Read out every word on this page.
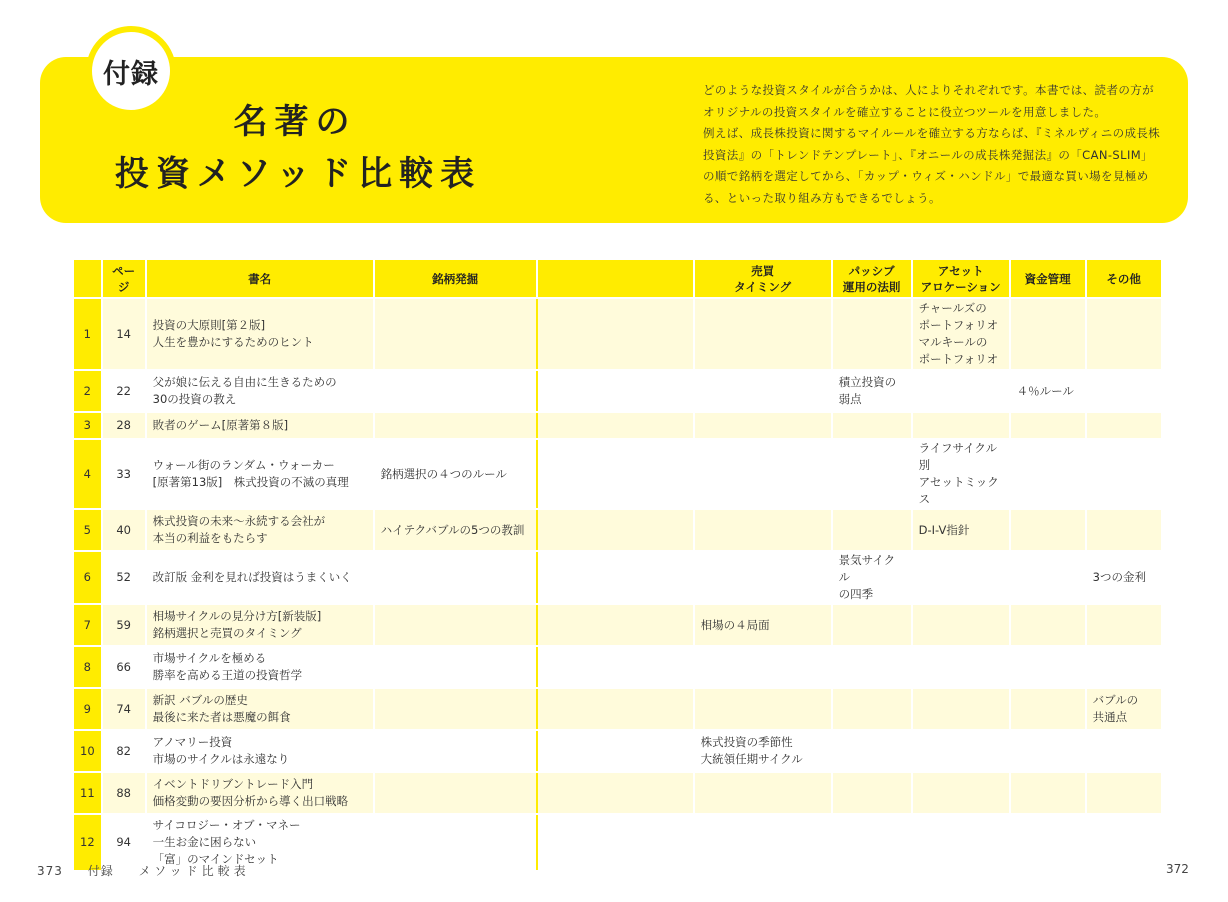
付録
名著の
投資メソッド比較表

どのような投資スタイルが合うかは、人によりそれぞれです。本書では、読者の方がオリジナルの投資スタイルを確立することに役立つツールを用意しました。

例えば、成長株投資に関するマイルールを確立する方ならば、『ミネルヴィニの成長株投資法』の「トレンドテンプレート」、『オニールの成長株発掘法』の「CAN-SLIM」の順で銘柄を選定してから、「カップ・ウィズ・ハンドル」で最適な買い場を見極める、といった取り組み方もできるでしょう。

	ページ	書名	銘柄発掘		売買
タイミング	パッシブ
運用の法則	アセット
アロケーション	資金管理	その他
1	14	投資の大原則[第２版]
人生を豊かにするためのヒント					チャールズの
ポートフォリオ
マルキールの
ポートフォリオ		
2	22	父が娘に伝える自由に生きるための
30の投資の教え				積立投資の
弱点		４％ルール	
3	28	敗者のゲーム[原著第８版]							
4	33	ウォール街のランダム・ウォーカー
[原著第13版]　株式投資の不滅の真理	銘柄選択の４つのルール				ライフサイクル別
アセットミックス		
5	40	株式投資の未来〜永続する会社が
本当の利益をもたらす	ハイテクバブルの5つの教訓				D-I-V指針		
6	52	改訂版 金利を見れば投資はうまくいく				景気サイクル
の四季			3つの金利
7	59	相場サイクルの見分け方[新装版]
銘柄選択と売買のタイミング			相場の４局面				
8	66	市場サイクルを極める
勝率を高める王道の投資哲学							
9	74	新訳 バブルの歴史
最後に来た者は悪魔の餌食							バブルの
共通点
10	82	アノマリー投資
市場のサイクルは永遠なり			株式投資の季節性
大統領任期サイクル				
11	88	イベントドリブントレード入門
価格変動の要因分析から導く出口戦略							
12	94	サイコロジー・オブ・マネー
一生お金に困らない
「富」のマインドセット							
373 付録 メソッド比較表	372
